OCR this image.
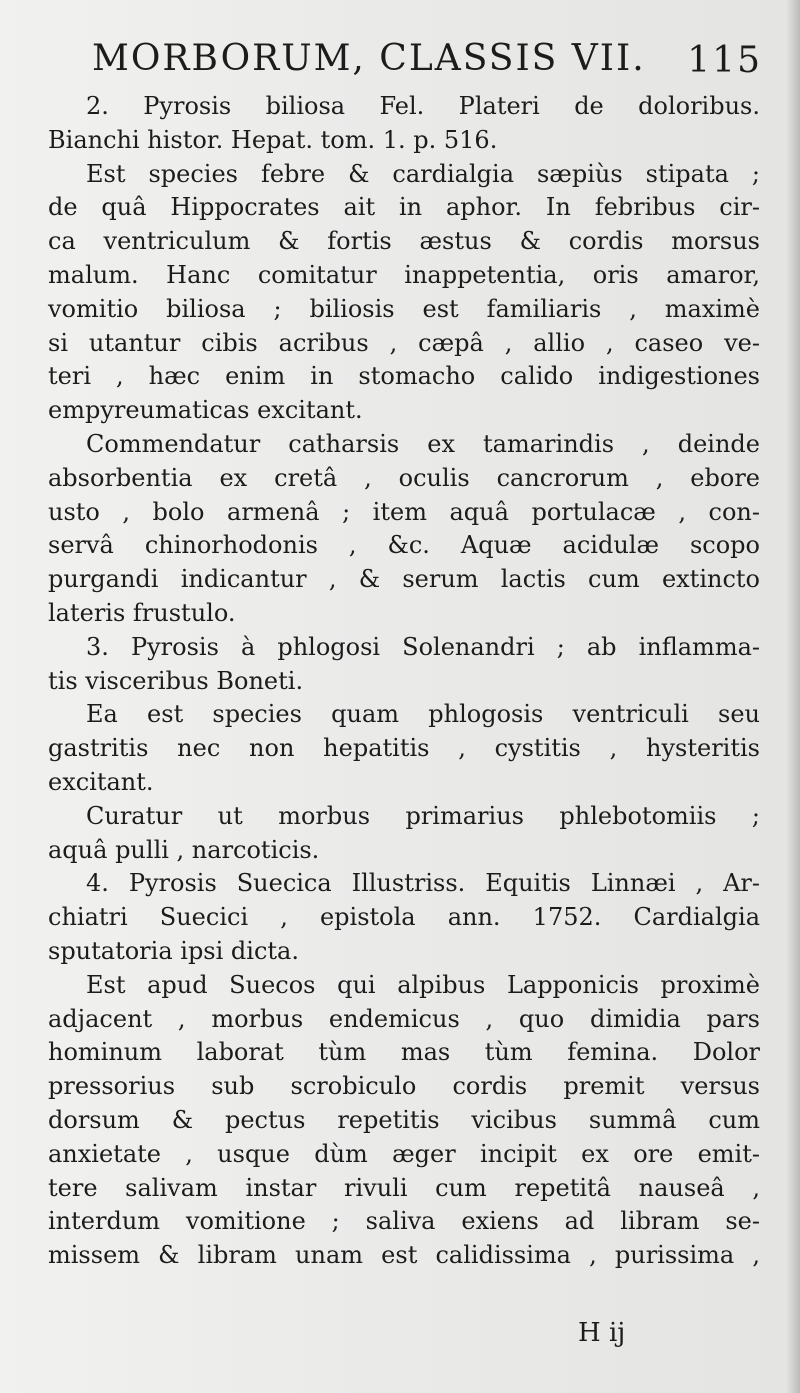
MORBORUM, CLASSIS VII. 115
2. Pyrosis biliosa Fel. Plateri de doloribus.
Bianchi histor. Hepat. tom. 1. p. 516.
Est species febre & cardialgia sæpiùs stipata ;
de quâ Hippocrates ait in aphor. In febribus cir-
ca ventriculum & fortis æstus & cordis morsus
malum. Hanc comitatur inappetentia, oris amaror,
vomitio biliosa ; biliosis est familiaris , maximè
si utantur cibis acribus , cæpâ , allio , caseo ve-
teri , hæc enim in stomacho calido indigestiones
empyreumaticas excitant.
Commendatur catharsis ex tamarindis , deinde
absorbentia ex cretâ , oculis cancrorum , ebore
usto , bolo armenâ ; item aquâ portulacæ , con-
servâ chinorhodonis , &c. Aquæ acidulæ scopo
purgandi indicantur , & serum lactis cum extincto
lateris frustulo.
3. Pyrosis à phlogosi Solenandri ; ab inflamma-
tis visceribus Boneti.
Ea est species quam phlogosis ventriculi seu
gastritis nec non hepatitis , cystitis , hysteritis
excitant.
Curatur ut morbus primarius phlebotomiis ;
aquâ pulli , narcoticis.
4. Pyrosis Suecica Illustriss. Equitis Linnæi , Ar-
chiatri Suecici , epistola ann. 1752. Cardialgia
sputatoria ipsi dicta.
Est apud Suecos qui alpibus Lapponicis proximè
adjacent , morbus endemicus , quo dimidia pars
hominum laborat tùm mas tùm femina. Dolor
pressorius sub scrobiculo cordis premit versus
dorsum & pectus repetitis vicibus summâ cum
anxietate , usque dùm æger incipit ex ore emit-
tere salivam instar rivuli cum repetitâ nauseâ ,
interdum vomitione ; saliva exiens ad libram se-
missem & libram unam est calidissima , purissima ,
H ij
